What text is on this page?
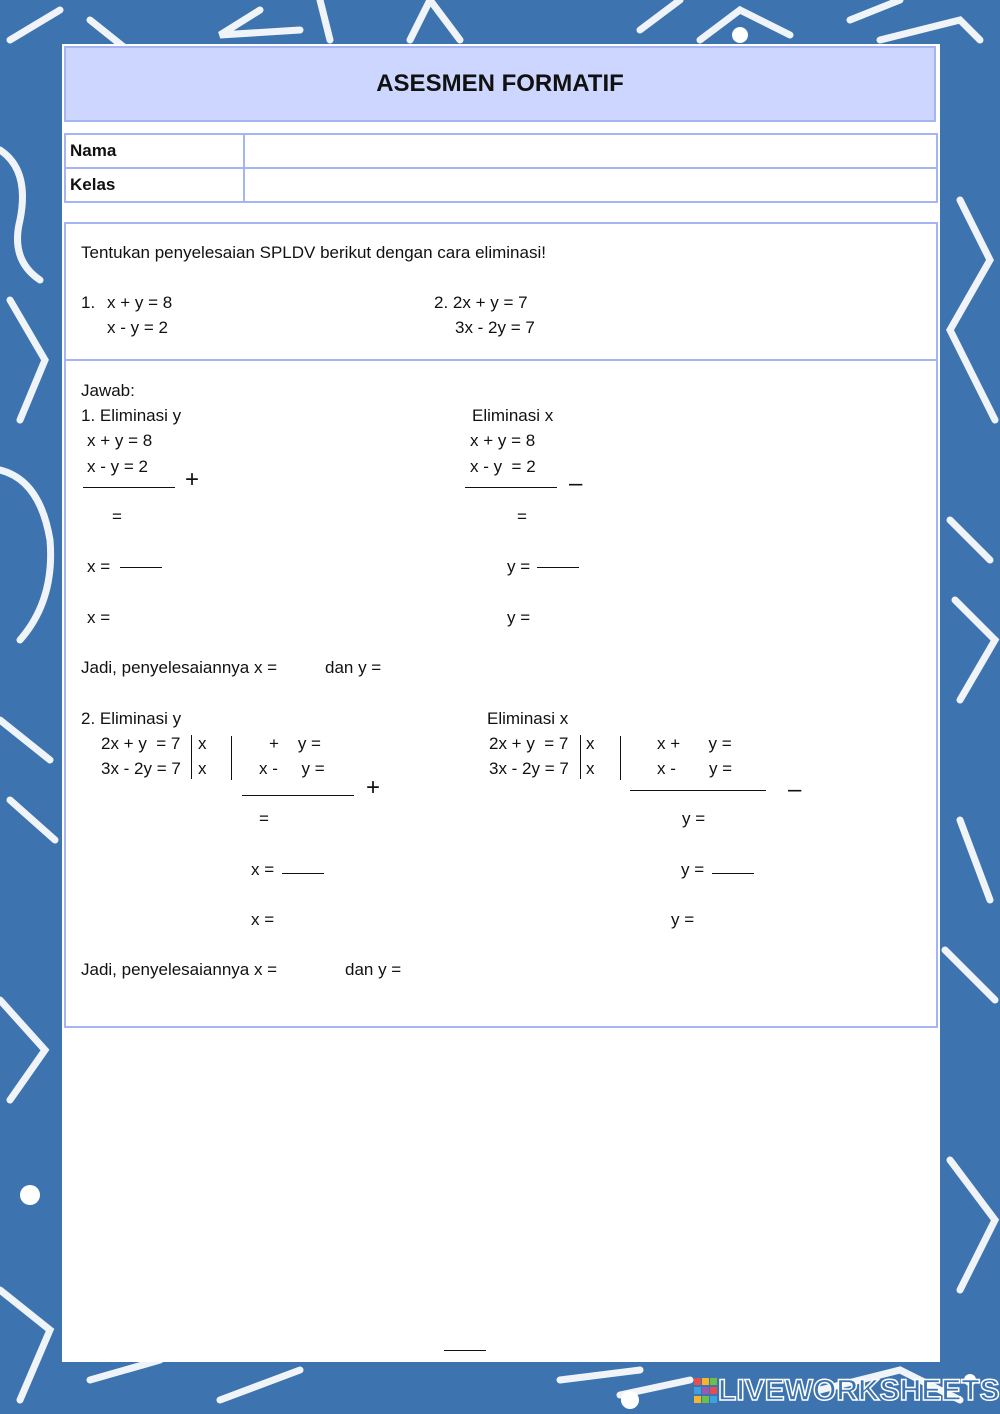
ASESMEN FORMATIF
Nama	
Kelas	
Tentukan penyelesaian SPLDV berikut dengan cara eliminasi!
1. x + y = 8
x - y = 2
2. 2x + y = 7
3x - 2y = 7
Jawab:
1. Eliminasi y
x + y = 8
x - y = 2 +
=
x =
x =
Eliminasi x
x + y = 8
x - y  = 2
–
=
y =
y =
Jadi, penyelesaiannya x =	dan y =
2. Eliminasi y
2x + y  = 7
3x - 2y = 7
x
x
+    y =
x -     y =
+
=
x =
x =
Eliminasi x
2x + y  = 7
3x - 2y = 7
x
x
x +      y =
x -       y =
–
y =
y =
y =
Jadi, penyelesaiannya x =	dan y =
LIVEWORKSHEETS
